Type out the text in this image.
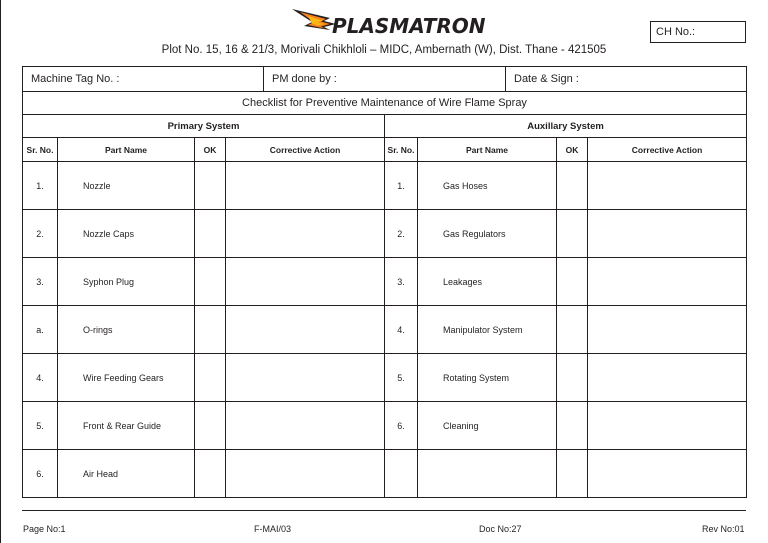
PLASMATRON
Plot No. 15, 16 & 21/3, Morivali Chikhloli – MIDC, Ambernath (W), Dist. Thane - 421505
CH No.:
Machine Tag No. :	PM done by :	Date & Sign :
Checklist for Preventive Maintenance of Wire Flame Spray
Primary System				Auxillary System			
Sr. No.	Part Name	OK	Corrective Action	Sr. No.	Part Name	OK	Corrective Action
1.	Nozzle			1.	Gas Hoses		
2.	Nozzle Caps			2.	Gas Regulators		
3.	Syphon Plug			3.	Leakages		
a.	O-rings			4.	Manipulator System		
4.	Wire Feeding Gears			5.	Rotating System		
5.	Front & Rear Guide			6.	Cleaning		
6.	Air Head						
Page No:1	F-MAI/03	Doc No:27	Rev No:01
